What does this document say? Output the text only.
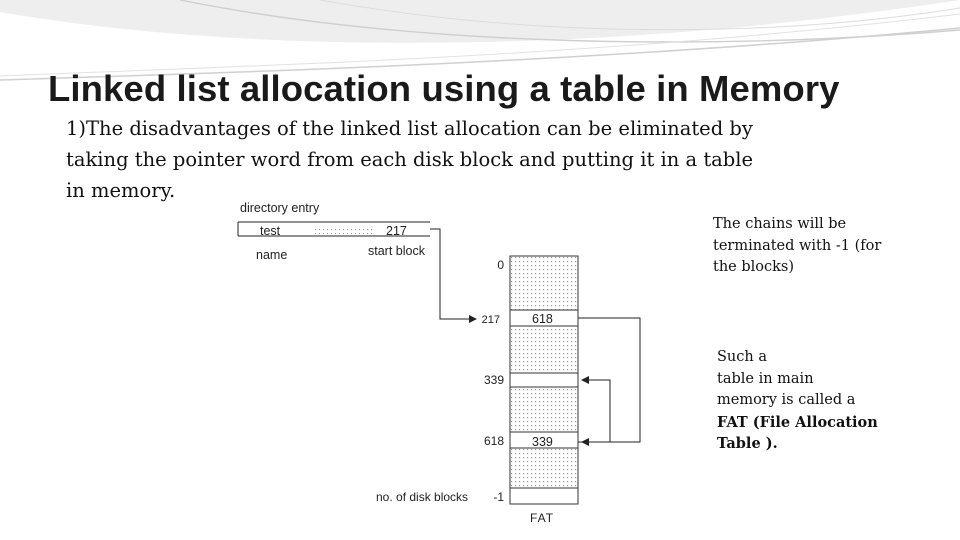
Linked list allocation using a table in Memory
1)The disadvantages of the linked list allocation can be eliminated by
taking the pointer word from each disk block and putting it in a table
in memory.
directory entry
test	217
name	start block
618
339
0
217
339
618
no. of disk blocks -1
FAT
The chains will be
terminated with -1 (for
the blocks)
Such a
table in main
memory is called a
FAT (File Allocation
Table ).
